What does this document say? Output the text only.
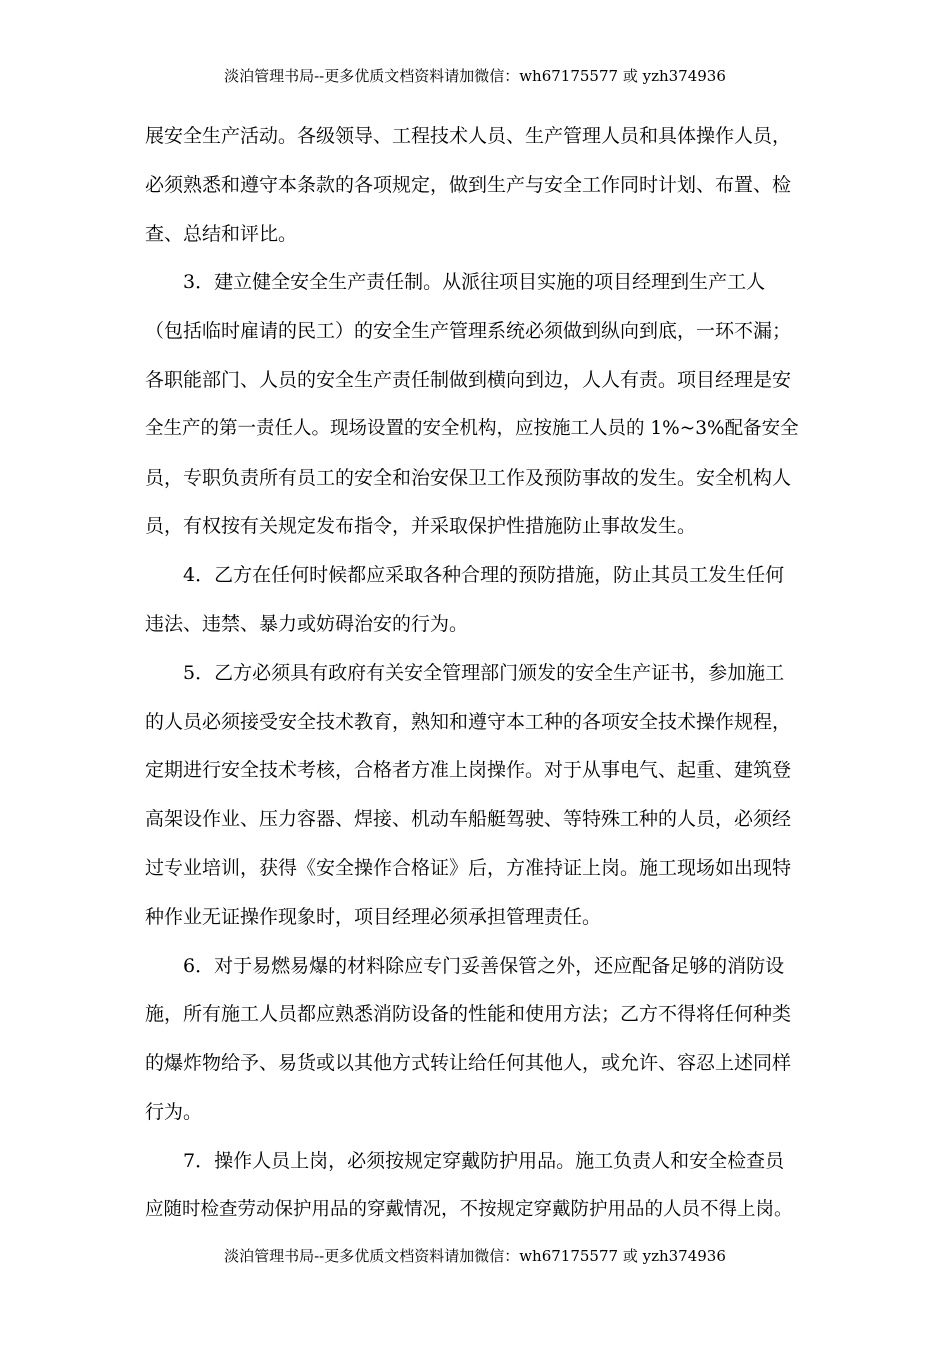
淡泊管理书局--更多优质文档资料请加微信：wh67175577 或 yzh374936
展安全生产活动。各级领导、工程技术人员、生产管理人员和具体操作人员，
必须熟悉和遵守本条款的各项规定，做到生产与安全工作同时计划、布置、检
查、总结和评比。
3．建立健全安全生产责任制。从派往项目实施的项目经理到生产工人
（包括临时雇请的民工）的安全生产管理系统必须做到纵向到底，一环不漏；
各职能部门、人员的安全生产责任制做到横向到边，人人有责。项目经理是安
全生产的第一责任人。现场设置的安全机构，应按施工人员的 1%~3%配备安全
员，专职负责所有员工的安全和治安保卫工作及预防事故的发生。安全机构人
员，有权按有关规定发布指令，并采取保护性措施防止事故发生。
4．乙方在任何时候都应采取各种合理的预防措施，防止其员工发生任何
违法、违禁、暴力或妨碍治安的行为。
5．乙方必须具有政府有关安全管理部门颁发的安全生产证书，参加施工
的人员必须接受安全技术教育，熟知和遵守本工种的各项安全技术操作规程，
定期进行安全技术考核，合格者方准上岗操作。对于从事电气、起重、建筑登
高架设作业、压力容器、焊接、机动车船艇驾驶、等特殊工种的人员，必须经
过专业培训，获得《安全操作合格证》后，方准持证上岗。施工现场如出现特
种作业无证操作现象时，项目经理必须承担管理责任。
6．对于易燃易爆的材料除应专门妥善保管之外，还应配备足够的消防设
施，所有施工人员都应熟悉消防设备的性能和使用方法；乙方不得将任何种类
的爆炸物给予、易货或以其他方式转让给任何其他人，或允许、容忍上述同样
行为。
7．操作人员上岗，必须按规定穿戴防护用品。施工负责人和安全检查员
应随时检查劳动保护用品的穿戴情况，不按规定穿戴防护用品的人员不得上岗。
淡泊管理书局--更多优质文档资料请加微信：wh67175577 或 yzh374936
